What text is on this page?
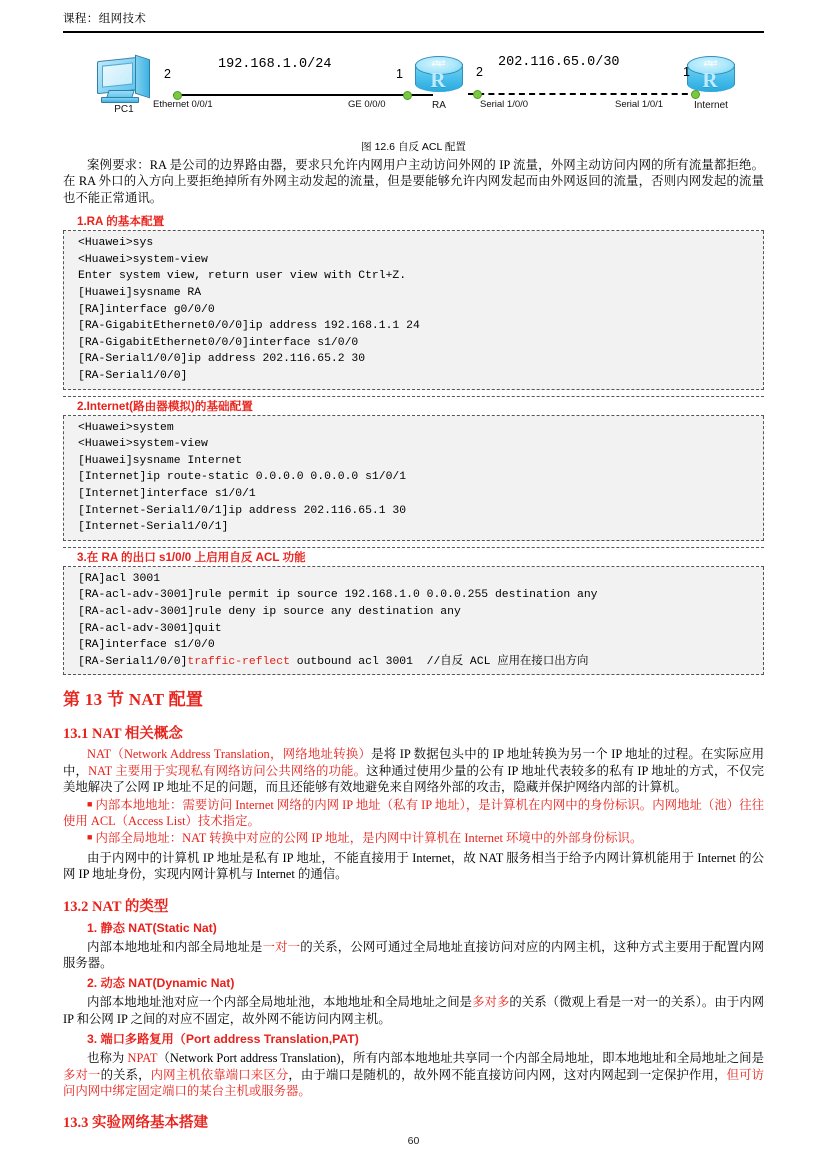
课程：组网技术
PC1
⇄⇄
R
RA
⇄⇄
R
Internet
192.168.1.0/24	202.116.65.0/30
2	1	2	1
Ethernet 0/0/1	GE 0/0/0	Serial 1/0/0	Serial 1/0/1
图 12.6 自反 ACL 配置

案例要求：RA 是公司的边界路由器，要求只允许内网用户主动访问外网的 IP 流量，外网主动访问内网的所有流量都拒绝。在 RA 外口的入方向上要拒绝掉所有外网主动发起的流量，但是要能够允许内网发起而由外网返回的流量，否则内网发起的流量也不能正常通讯。

1.RA 的基本配置
<Huawei>sys
<Huawei>system-view
Enter system view, return user view with Ctrl+Z.
[Huawei]sysname RA
[RA]interface g0/0/0
[RA-GigabitEthernet0/0/0]ip address 192.168.1.1 24
[RA-GigabitEthernet0/0/0]interface s1/0/0
[RA-Serial1/0/0]ip address 202.116.65.2 30
[RA-Serial1/0/0]
2.Internet(路由器模拟)的基础配置
<Huawei>system
<Huawei>system-view
[Huawei]sysname Internet
[Internet]ip route-static 0.0.0.0 0.0.0.0 s1/0/1
[Internet]interface s1/0/1
[Internet-Serial1/0/1]ip address 202.116.65.1 30
[Internet-Serial1/0/1]
3.在 RA 的出口 s1/0/0 上启用自反 ACL 功能
[RA]acl 3001
[RA-acl-adv-3001]rule permit ip source 192.168.1.0 0.0.0.255 destination any
[RA-acl-adv-3001]rule deny ip source any destination any
[RA-acl-adv-3001]quit
[RA]interface s1/0/0
[RA-Serial1/0/0]traffic-reflect outbound acl 3001  //自反 ACL 应用在接口出方向
第 13 节 NAT 配置
13.1 NAT 相关概念

NAT（Network Address Translation，网络地址转换）是将 IP 数据包头中的 IP 地址转换为另一个 IP 地址的过程。在实际应用中，NAT 主要用于实现私有网络访问公共网络的功能。这种通过使用少量的公有 IP 地址代表较多的私有 IP 地址的方式，不仅完美地解决了公网 IP 地址不足的问题，而且还能够有效地避免来自网络外部的攻击，隐藏并保护网络内部的计算机。

■ 内部本地地址：需要访问 Internet 网络的内网 IP 地址（私有 IP 地址），是计算机在内网中的身份标识。内网地址（池）往往使用 ACL（Access List）技术指定。

■ 内部全局地址：NAT 转换中对应的公网 IP 地址，是内网中计算机在 Internet 环境中的外部身份标识。

由于内网中的计算机 IP 地址是私有 IP 地址，不能直接用于 Internet，故 NAT 服务相当于给予内网计算机能用于 Internet 的公网 IP 地址身份，实现内网计算机与 Internet 的通信。

13.2 NAT 的类型
1. 静态 NAT(Static Nat)

内部本地地址和内部全局地址是一对一的关系，公网可通过全局地址直接访问对应的内网主机，这种方式主要用于配置内网服务器。

2. 动态 NAT(Dynamic Nat)

内部本地地址池对应一个内部全局地址池，本地地址和全局地址之间是多对多的关系（微观上看是一对一的关系）。由于内网 IP 和公网 IP 之间的对应不固定，故外网不能访问内网主机。

3. 端口多路复用（Port address Translation,PAT)

也称为 NPAT（Network Port address Translation)，所有内部本地地址共享同一个内部全局地址，即本地地址和全局地址之间是多对一的关系，内网主机依靠端口来区分，由于端口是随机的，故外网不能直接访问内网，这对内网起到一定保护作用，但可访问内网中绑定固定端口的某台主机或服务器。

13.3 实验网络基本搭建
60
